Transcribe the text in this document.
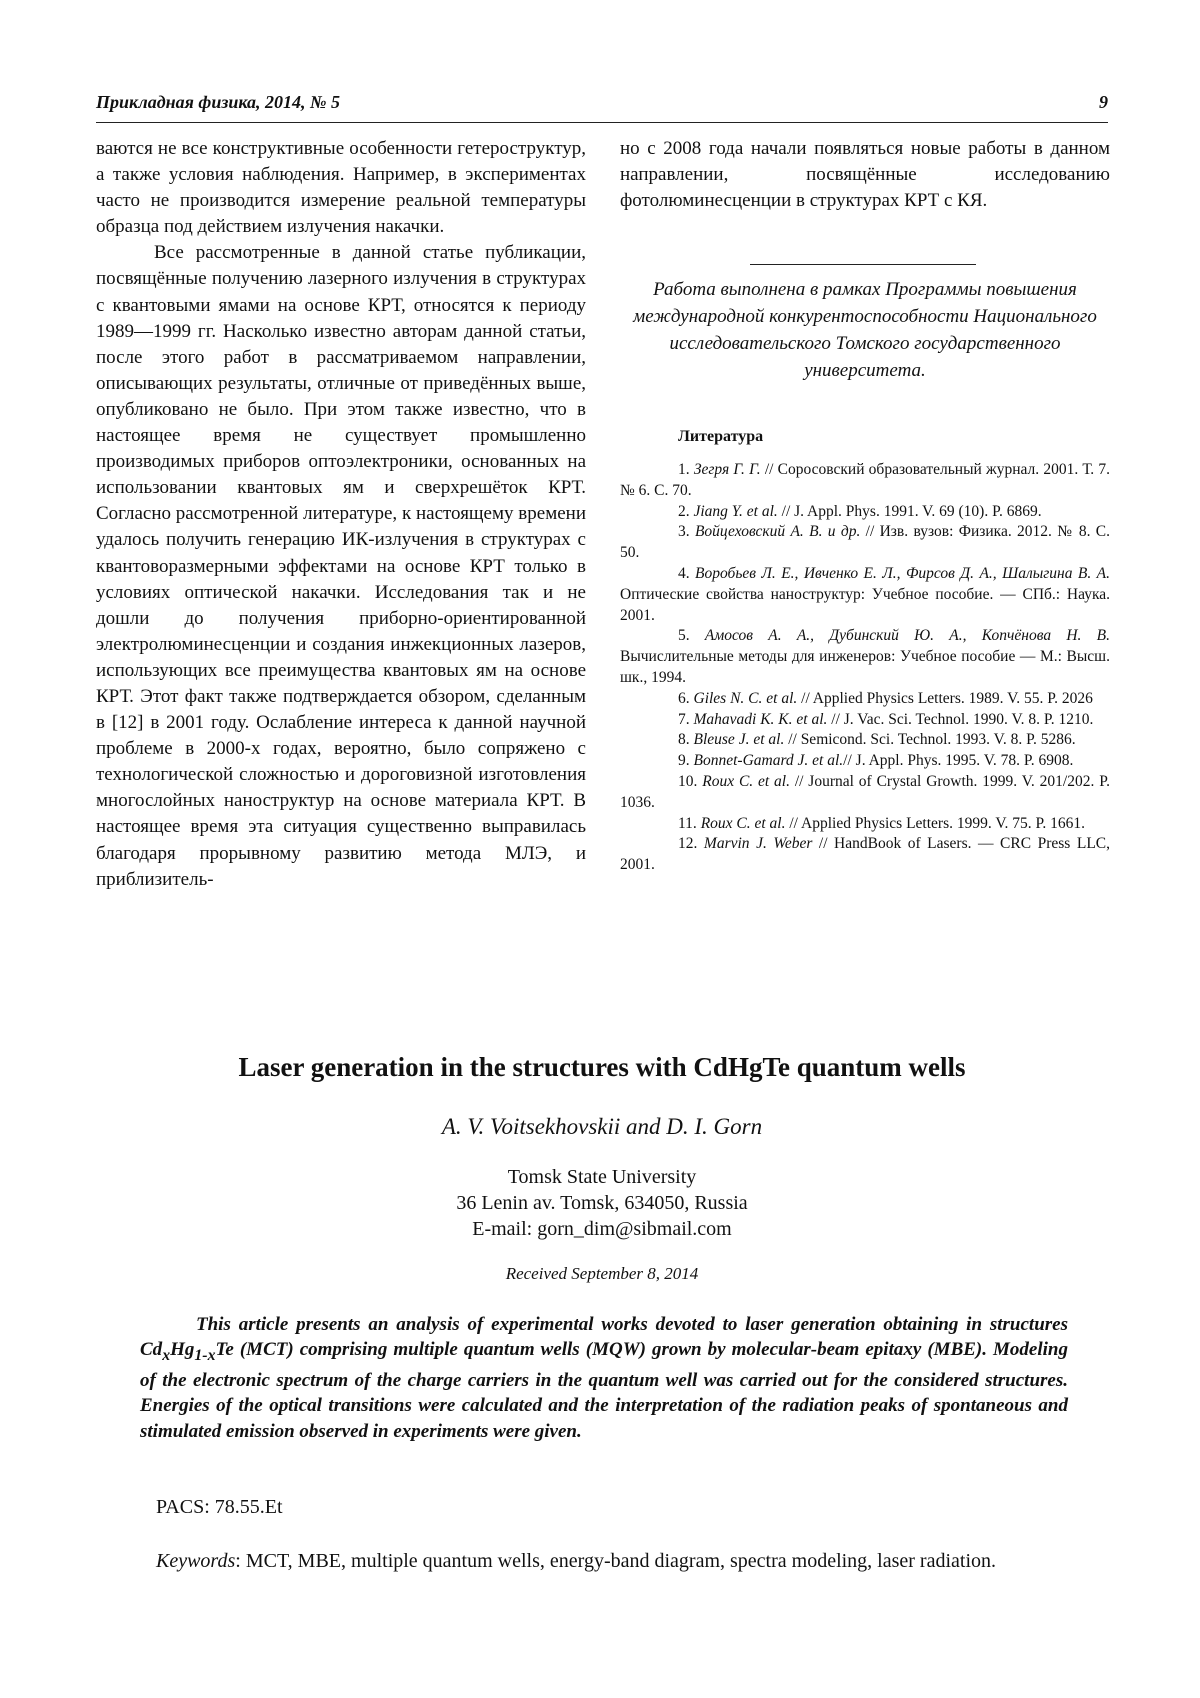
Прикладная физика, 2014, № 5	9

ваются не все конструктивные особенности гетероструктур, а также условия наблюдения. Например, в экспериментах часто не производится измерение реальной температуры образца под действием излучения накачки.

Все рассмотренные в данной статье публикации, посвящённые получению лазерного излучения в структурах с квантовыми ямами на основе КРТ, относятся к периоду 1989—1999 гг. Насколько известно авторам данной статьи, после этого работ в рассматриваемом направлении, описывающих результаты, отличные от приведённых выше, опубликовано не было. При этом также известно, что в настоящее время не существует промышленно производимых приборов оптоэлектроники, основанных на использовании квантовых ям и сверхрешёток КРТ. Согласно рассмотренной литературе, к настоящему времени удалось получить генерацию ИК-излучения в структурах с квантоворазмерными эффектами на основе КРТ только в условиях оптической накачки. Исследования так и не дошли до получения приборно-ориентированной электролюминесценции и создания инжекционных лазеров, использующих все преимущества квантовых ям на основе КРТ. Этот факт также подтверждается обзором, сделанным в [12] в 2001 году. Ослабление интереса к данной научной проблеме в 2000-х годах, вероятно, было сопряжено с технологической сложностью и дороговизной изготовления многослойных наноструктур на основе материала КРТ. В настоящее время эта ситуация существенно выправилась благодаря прорывному развитию метода МЛЭ, и приблизитель-

но с 2008 года начали появляться новые работы в данном направлении, посвящённые исследованию фотолюминесценции в структурах КРТ с КЯ.

Работа выполнена в рамках Программы повышения международной конкурентоспособности Национального исследовательского Томского государственного университета.
Литература

1. Зегря Г. Г. // Соросовский образовательный журнал. 2001. Т. 7. № 6. С. 70.

2. Jiang Y. et al. // J. Appl. Phys. 1991. V. 69 (10). P. 6869.

3. Войцеховский А. В. и др. // Изв. вузов: Физика. 2012. № 8. С. 50.

4. Воробьев Л. Е., Ивченко Е. Л., Фирсов Д. А., Шалыгина В. А. Оптические свойства наноструктур: Учебное пособие. — СПб.: Наука. 2001.

5. Амосов А. А., Дубинский Ю. А., Копчёнова Н. В. Вычислительные методы для инженеров: Учебное пособие — М.: Высш. шк., 1994.

6. Giles N. C. et al. // Applied Physics Letters. 1989. V. 55. P. 2026

7. Mahavadi K. K. et al. // J. Vac. Sci. Technol. 1990. V. 8. P. 1210.

8. Bleuse J. et al. // Semicond. Sci. Technol. 1993. V. 8. P. 5286.

9. Bonnet-Gamard J. et al.// J. Appl. Phys. 1995. V. 78. P. 6908.

10. Roux C. et al. // Journal of Crystal Growth. 1999. V. 201/202. P. 1036.

11. Roux C. et al. // Applied Physics Letters. 1999. V. 75. P. 1661.

12. Marvin J. Weber // HandBook of Lasers. — CRC Press LLC, 2001.

Laser generation in the structures with CdHgTe quantum wells
A. V. Voitsekhovskii and D. I. Gorn
Tomsk State University
36 Lenin av. Tomsk, 634050, Russia
E-mail: gorn_dim@sibmail.com
Received September 8, 2014
This article presents an analysis of experimental works devoted to laser generation obtaining in structures $Cd_xHg_{1-x}Te$ (MCT) comprising multiple quantum wells (MQW) grown by molecular-beam epitaxy (MBE). Modeling of the electronic spectrum of the charge carriers in the quantum well was carried out for the considered structures. Energies of the optical transitions were calculated and the interpretation of the radiation peaks of spontaneous and stimulated emission observed in experiments were given.
PACS: 78.55.Et
Keywords: MCT, MBE, multiple quantum wells, energy-band diagram, spectra modeling, laser radiation.
